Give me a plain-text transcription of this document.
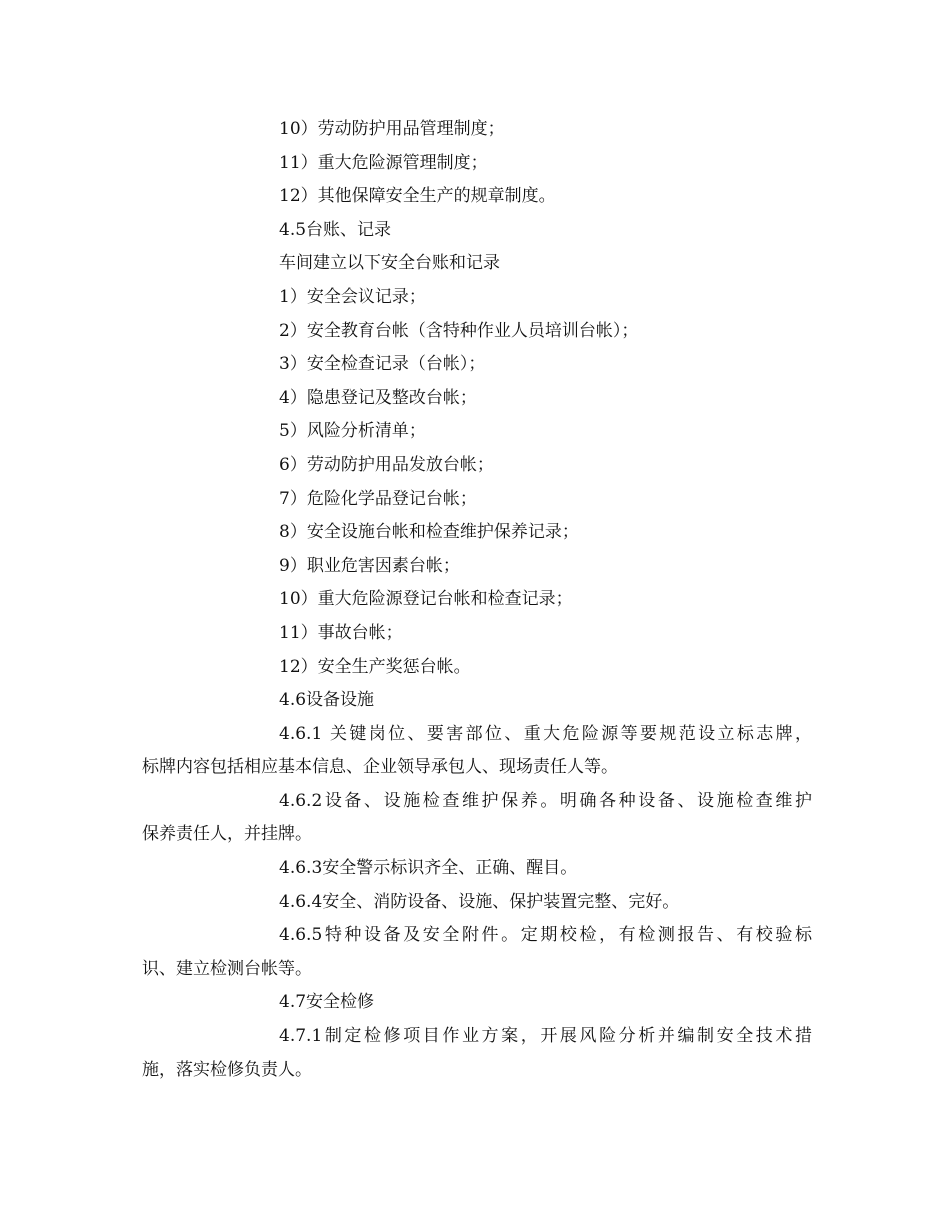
10）劳动防护用品管理制度；
11）重大危险源管理制度；
12）其他保障安全生产的规章制度。
4.5台账、记录
车间建立以下安全台账和记录
1）安全会议记录；
2）安全教育台帐（含特种作业人员培训台帐）；
3）安全检查记录（台帐）；
4）隐患登记及整改台帐；
5）风险分析清单；
6）劳动防护用品发放台帐；
7）危险化学品登记台帐；
8）安全设施台帐和检查维护保养记录；
9）职业危害因素台帐；
10）重大危险源登记台帐和检查记录；
11）事故台帐；
12）安全生产奖惩台帐。
4.6设备设施
4.6.1 关键岗位、要害部位、重大危险源等要规范设立标志牌，
标牌内容包括相应基本信息、企业领导承包人、现场责任人等。
4.6.2设备、设施检查维护保养。明确各种设备、设施检查维护
保养责任人，并挂牌。
4.6.3安全警示标识齐全、正确、醒目。
4.6.4安全、消防设备、设施、保护装置完整、完好。
4.6.5特种设备及安全附件。定期校检，有检测报告、有校验标
识、建立检测台帐等。
4.7安全检修
4.7.1制定检修项目作业方案，开展风险分析并编制安全技术措
施，落实检修负责人。
